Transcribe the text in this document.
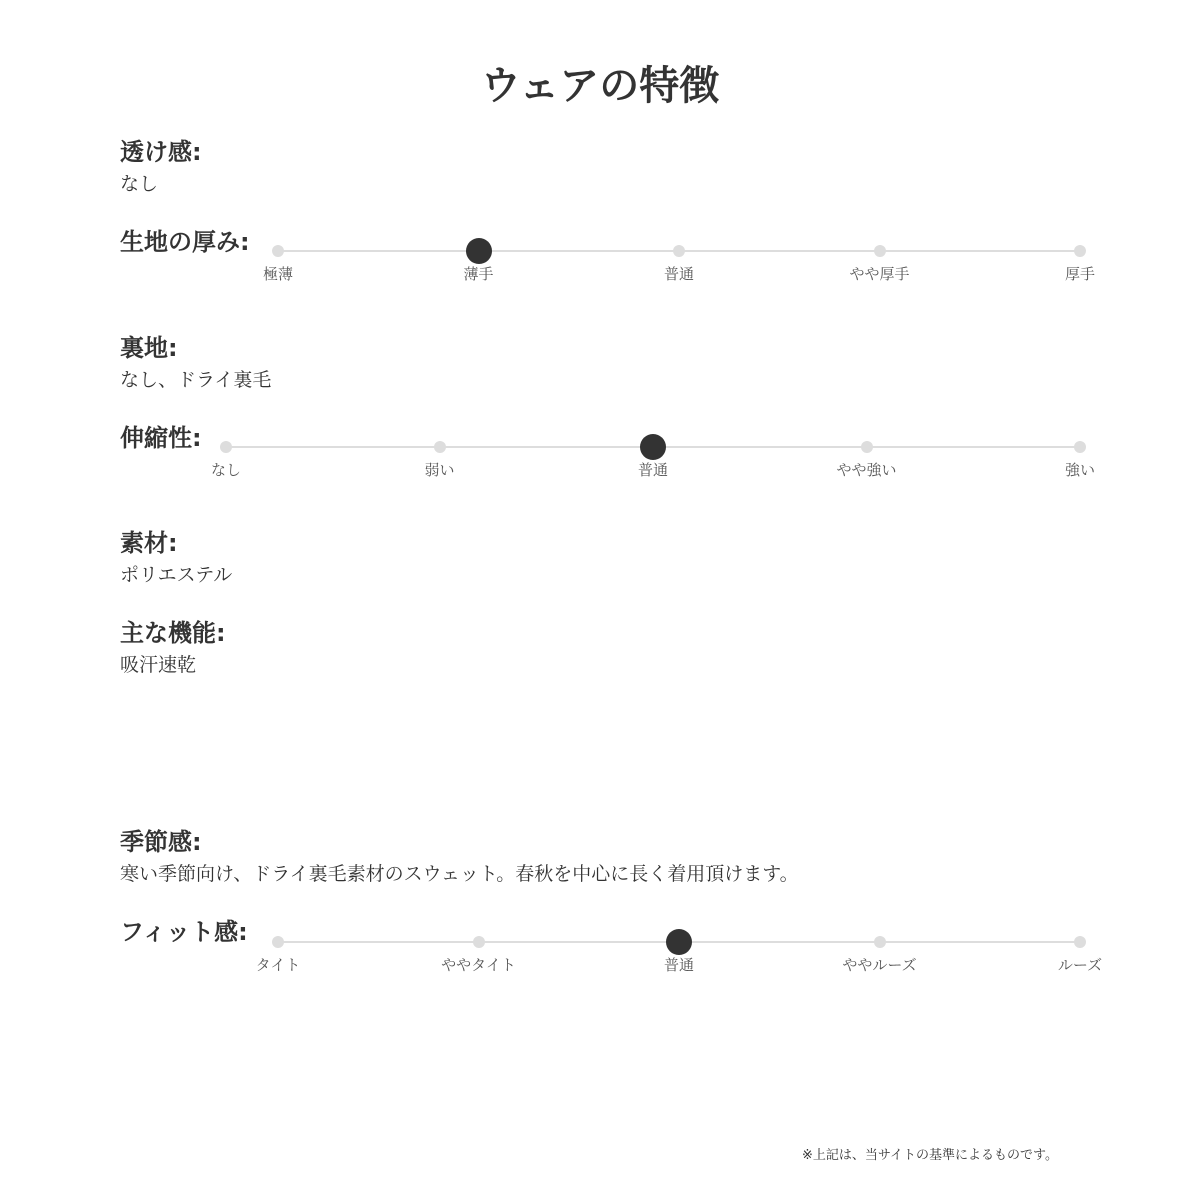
ウェアの特徴
透け感:
なし
生地の厚み:
極薄	薄手	普通	やや厚手	厚手
裏地:
なし、ドライ裏毛
伸縮性:
なし	弱い	普通	やや強い	強い
素材:
ポリエステル
主な機能:
吸汗速乾
季節感:
寒い季節向け、ドライ裏毛素材のスウェット。春秋を中心に長く着用頂けます。
フィット感:
タイト	ややタイト	普通	ややルーズ	ルーズ
※上記は、当サイトの基準によるものです。
